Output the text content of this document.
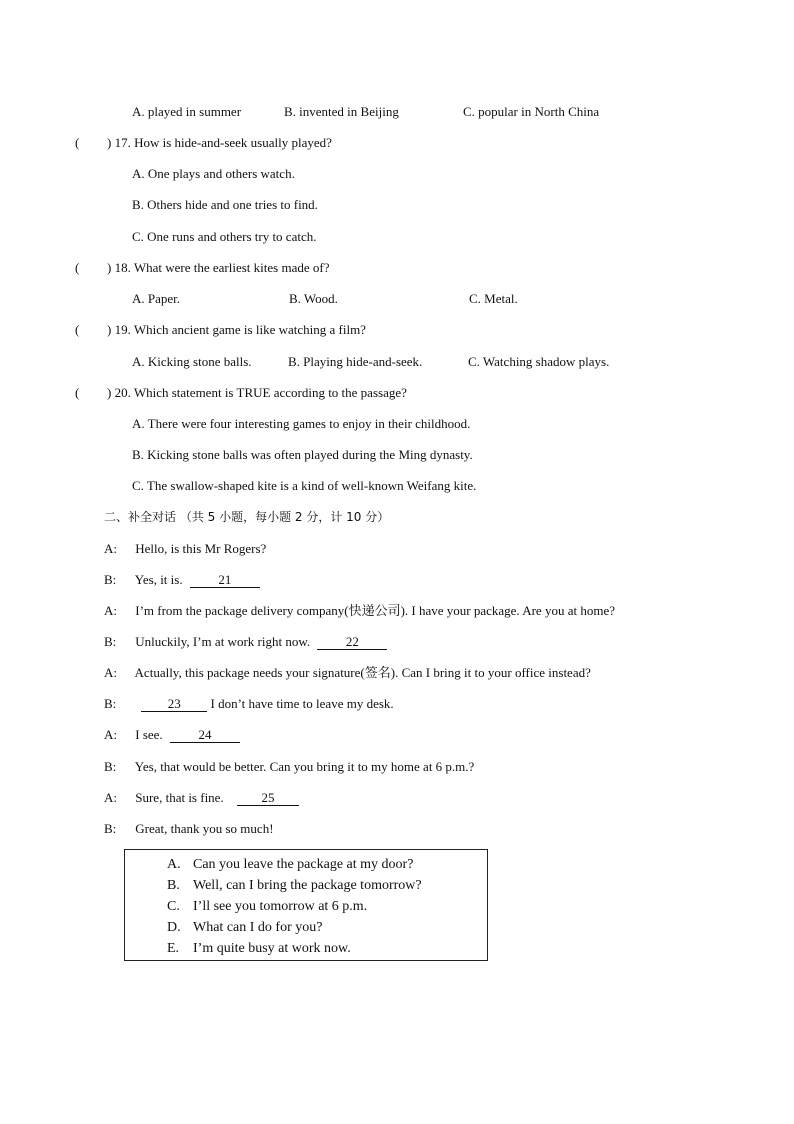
A. played in summer	B. invented in Beijing	C. popular in North China
( ) 17. How is hide-and-seek usually played?
A. One plays and others watch.
B. Others hide and one tries to find.
C. One runs and others try to catch.
( ) 18. What were the earliest kites made of?
A. Paper.	B. Wood.	C. Metal.
( ) 19. Which ancient game is like watching a film?
A. Kicking stone balls.	B. Playing hide-and-seek.	C. Watching shadow plays.
( ) 20. Which statement is TRUE according to the passage?
A. There were four interesting games to enjoy in their childhood.
B. Kicking stone balls was often played during the Ming dynasty.
C. The swallow-shaped kite is a kind of well-known Weifang kite.
二、补全对话 （共 5 小题，每小题 2 分，计 10 分）
A: Hello, is this Mr Rogers?
B: Yes, it is.	21
A: I’m from the package delivery company(快递公司). I have your package. Are you at home?
B: Unluckily, I’m at work right now.	22
A: Actually, this package needs your signature(签名). Can I bring it to your office instead?
B:	23 I don’t have time to leave my desk.
A: I see.	24
B: Yes, that would be better. Can you bring it to my home at 6 p.m.?
A: Sure, that is fine.	25
B: Great, thank you so much!
A. Can you leave the package at my door?
B. Well, can I bring the package tomorrow?
C. I’ll see you tomorrow at 6 p.m.
D. What can I do for you?
E. I’m quite busy at work now.
